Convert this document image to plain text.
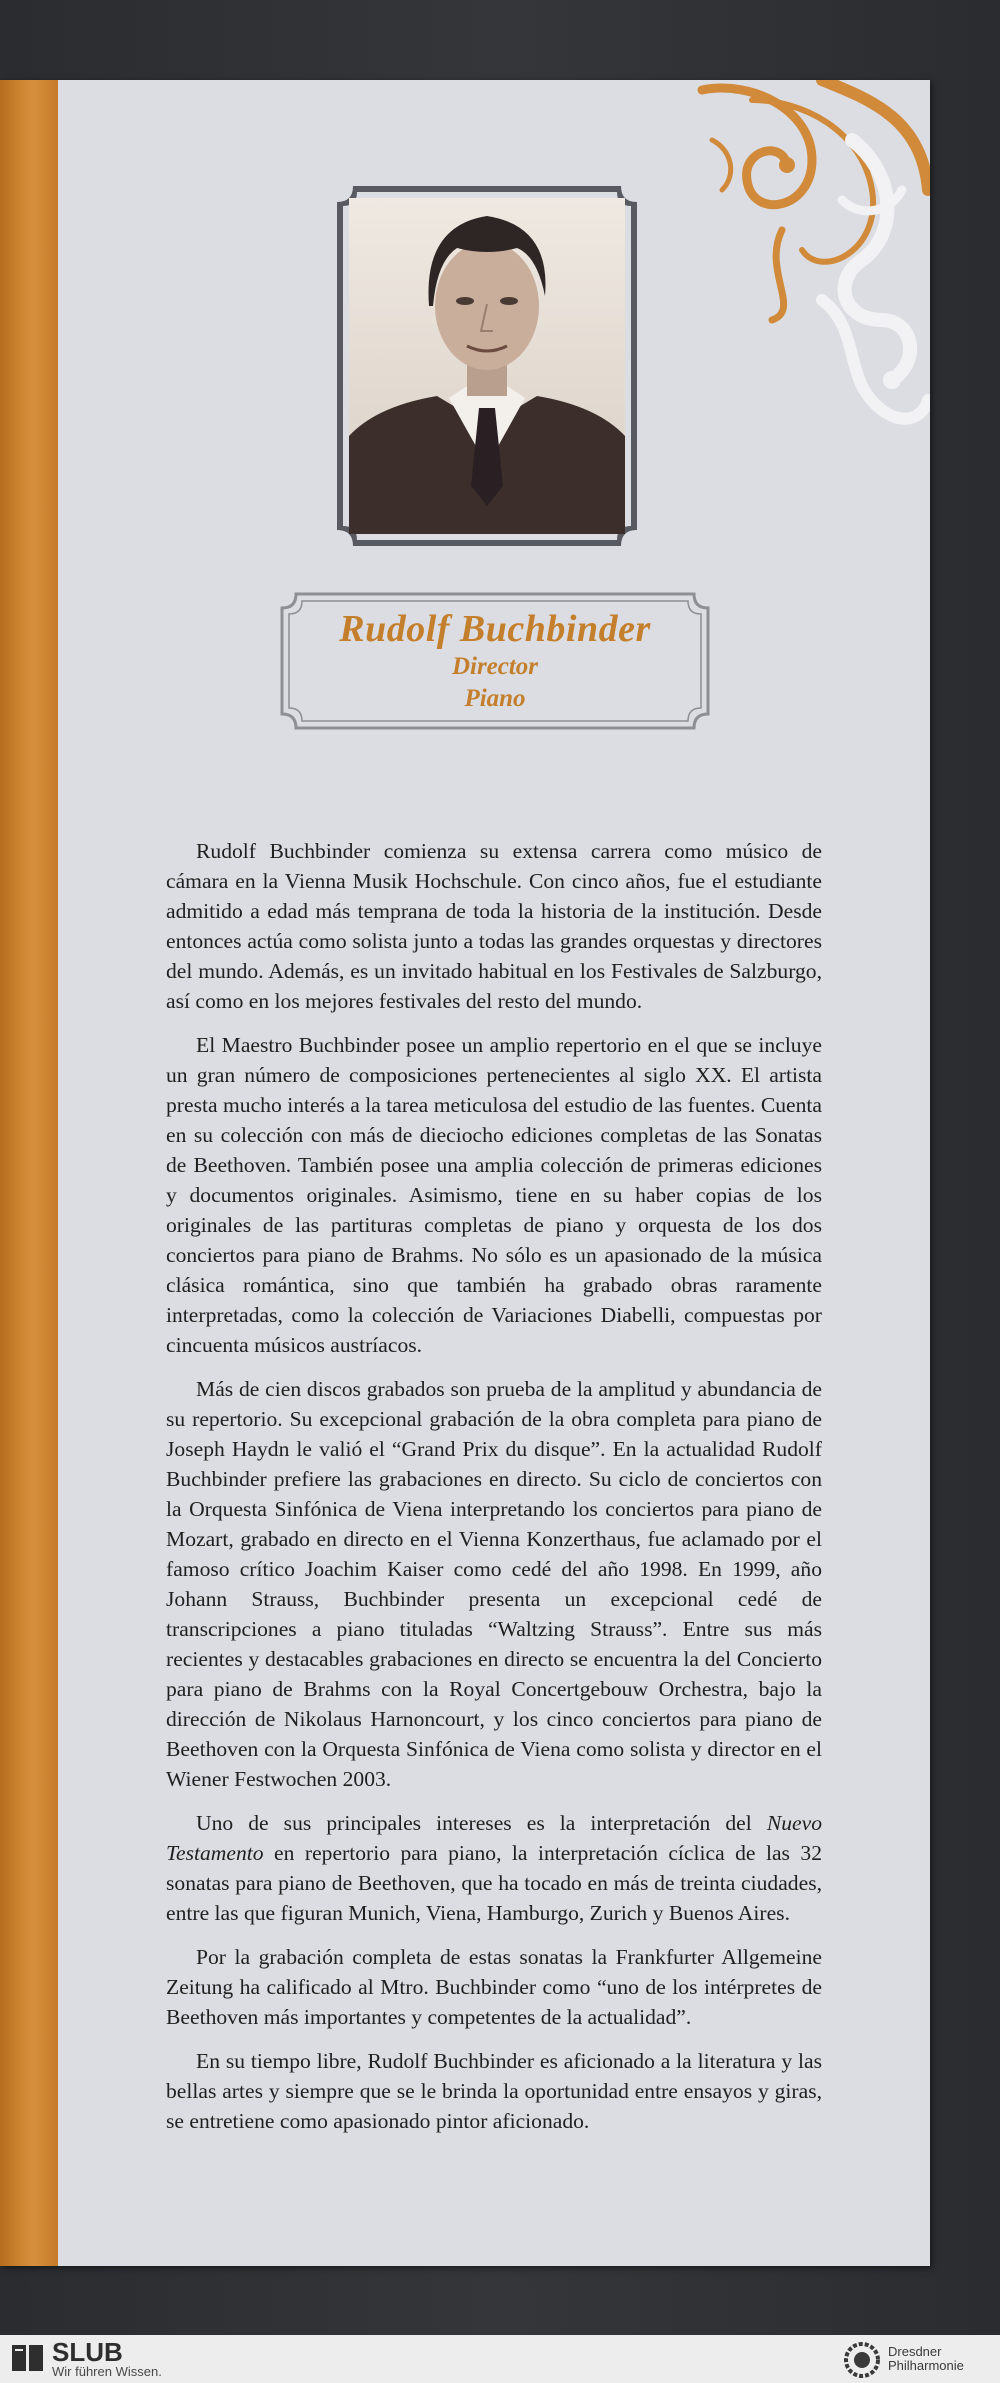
Rudolf Buchbinder
Director
Piano

Rudolf Buchbinder comienza su extensa carrera como músico de cámara en la Vienna Musik Hochschule. Con cinco años, fue el estudiante admitido a edad más temprana de toda la historia de la institución. Desde entonces actúa como solista junto a todas las grandes orquestas y directores del mundo. Además, es un invitado habitual en los Festivales de Salzburgo, así como en los mejores festivales del resto del mundo.

El Maestro Buchbinder posee un amplio repertorio en el que se incluye un gran número de composiciones pertenecientes al siglo XX. El artista presta mucho interés a la tarea meticulosa del estudio de las fuentes. Cuenta en su colección con más de dieciocho ediciones completas de las Sonatas de Beethoven. También posee una amplia colección de primeras ediciones y documentos originales. Asimismo, tiene en su haber copias de los originales de las partituras completas de piano y orquesta de los dos conciertos para piano de Brahms. No sólo es un apasionado de la música clásica romántica, sino que también ha grabado obras raramente interpretadas, como la colección de Variaciones Diabelli, compuestas por cincuenta músicos austríacos.

Más de cien discos grabados son prueba de la amplitud y abundancia de su repertorio. Su excepcional grabación de la obra completa para piano de Joseph Haydn le valió el “Grand Prix du disque”. En la actualidad Rudolf Buchbinder prefiere las grabaciones en directo. Su ciclo de conciertos con la Orquesta Sinfónica de Viena interpretando los conciertos para piano de Mozart, grabado en directo en el Vienna Konzerthaus, fue aclamado por el famoso crítico Joachim Kaiser como cedé del año 1998. En 1999, año Johann Strauss, Buchbinder presenta un excepcional cedé de transcripciones a piano tituladas “Waltzing Strauss”. Entre sus más recientes y destacables grabaciones en directo se encuentra la del Concierto para piano de Brahms con la Royal Concertgebouw Orchestra, bajo la dirección de Nikolaus Harnoncourt, y los cinco conciertos para piano de Beethoven con la Orquesta Sinfónica de Viena como solista y director en el Wiener Festwochen 2003.

Uno de sus principales intereses es la interpretación del Nuevo Testamento en repertorio para piano, la interpretación cíclica de las 32 sonatas para piano de Beethoven, que ha tocado en más de treinta ciudades, entre las que figuran Munich, Viena, Hamburgo, Zurich y Buenos Aires.

Por la grabación completa de estas sonatas la Frankfurter Allgemeine Zeitung ha calificado al Mtro. Buchbinder como “uno de los intérpretes de Beethoven más importantes y competentes de la actualidad”.

En su tiempo libre, Rudolf Buchbinder es aficionado a la literatura y las bellas artes y siempre que se le brinda la oportunidad entre ensayos y giras, se entretiene como apasionado pintor aficionado.

SLUB
Wir führen Wissen.
Dresdner
Philharmonie
